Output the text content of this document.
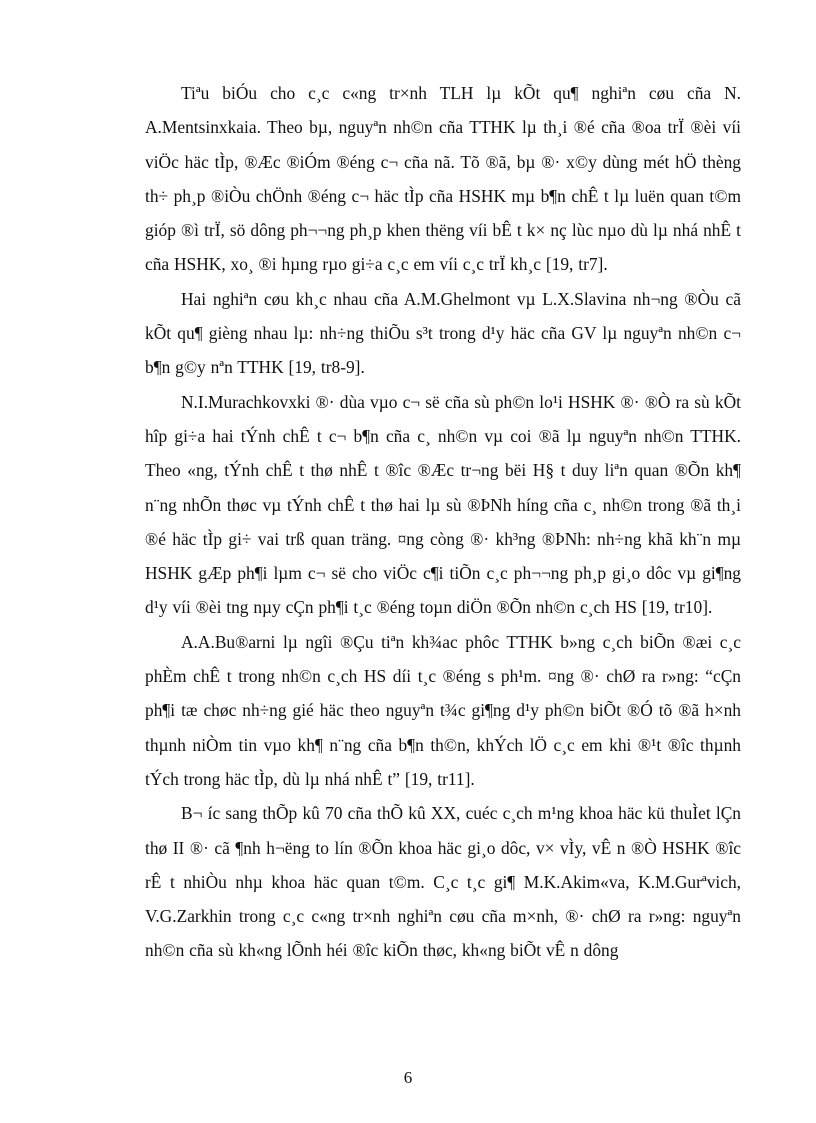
Tiªu biÓu cho c¸c c«ng tr×nh TLH lµ kÕt qu¶ nghiªn cøu cña N. A.Mentsinxkaia. Theo bµ, nguyªn nh©n cña TTHK lµ th¸i ®é cña ®oa trÏ ®èi víi viÖc häc tÌp, ®Æc ®iÓm ®éng c¬ cña nã. Tõ ®ã, bµ ®· x©y dùng mét hÖ thèng th÷ ph¸p ®iÒu chÖnh ®éng c¬ häc tÌp cña HSHK mµ b¶n chÊ t lµ luën quan t©m gióp ®ì trÏ, sö dông ph¬¬ng ph¸p khen thëng víi bÊ t k× nç lùc nµo dù lµ nhá nhÊ t cña HSHK, xo¸ ®i hµng rµo gi÷a c¸c em víi c¸c trÏ kh¸c [19, tr7].

Hai nghiªn cøu kh¸c nhau cña A.M.Ghelmont vµ L.X.Slavina nh¬ng ®Òu cã kÕt qu¶ gièng nhau lµ: nh÷ng thiÕu s³t trong d¹y häc cña GV lµ nguyªn nh©n c¬ b¶n g©y nªn TTHK [19, tr8-9].

N.I.Murachkovxki ®· dùa vµo c¬ së cña sù ph©n lo¹i HSHK ®· ®Ò ra sù kÕt hîp gi÷a hai tÝnh chÊ t c¬ b¶n cña c¸ nh©n vµ coi ®ã lµ nguyªn nh©n TTHK. Theo «ng, tÝnh chÊ t thø nhÊ t ®îc ®Æc tr¬ng bëi H§ t duy liªn quan ®Õn kh¶ n¨ng nhÕn thøc vµ tÝnh chÊ t thø hai lµ sù ®ÞNh híng cña c¸ nh©n trong ®ã th¸i ®é häc tÌp gi÷ vai trß quan träng. ¤ng còng ®· kh³ng ®ÞNh: nh÷ng khã kh¨n mµ HSHK gÆp ph¶i lµm c¬ së cho viÖc c¶i tiÕn c¸c ph¬¬ng ph¸p gi¸o dôc vµ gi¶ng d¹y víi ®èi tng nµy cÇn ph¶i t¸c ®éng toµn diÖn ®Õn nh©n c¸ch HS [19, tr10].

A.A.Bu®arni lµ ngîi ®Çu tiªn kh¾ac phôc TTHK b»ng c¸ch biÕn ®æi c¸c phÈm chÊ t trong nh©n c¸ch HS díi t¸c ®éng s ph¹m. ¤ng ®· chØ ra r»ng: “cÇn ph¶i tæ chøc nh÷ng gié häc theo nguyªn t¾c gi¶ng d¹y ph©n biÕt ®Ó tõ ®ã h×nh thµnh niÒm tin vµo kh¶ n¨ng cña b¶n th©n, khÝch lÖ c¸c em khi ®¹t ®îc thµnh tÝch trong häc tÌp, dù lµ nhá nhÊ t” [19, tr11].

B¬ íc sang thÕp kû 70 cña thÕ kû XX, cuéc c¸ch m¹ng khoa häc kü thuÌet lÇn thø II ®· cã ¶nh h¬ëng to lín ®Õn khoa häc gi¸o dôc, v× vÌy, vÊ n ®Ò HSHK ®îc rÊ t nhiÒu nhµ khoa häc quan t©m. C¸c t¸c gi¶ M.K.Akim«va, K.M.Gurªvich, V.G.Zarkhin trong c¸c c«ng tr×nh nghiªn cøu cña m×nh, ®· chØ ra r»ng: nguyªn nh©n cña sù kh«ng lÕnh héi ®îc kiÕn thøc, kh«ng biÕt vÊ n dông

6
